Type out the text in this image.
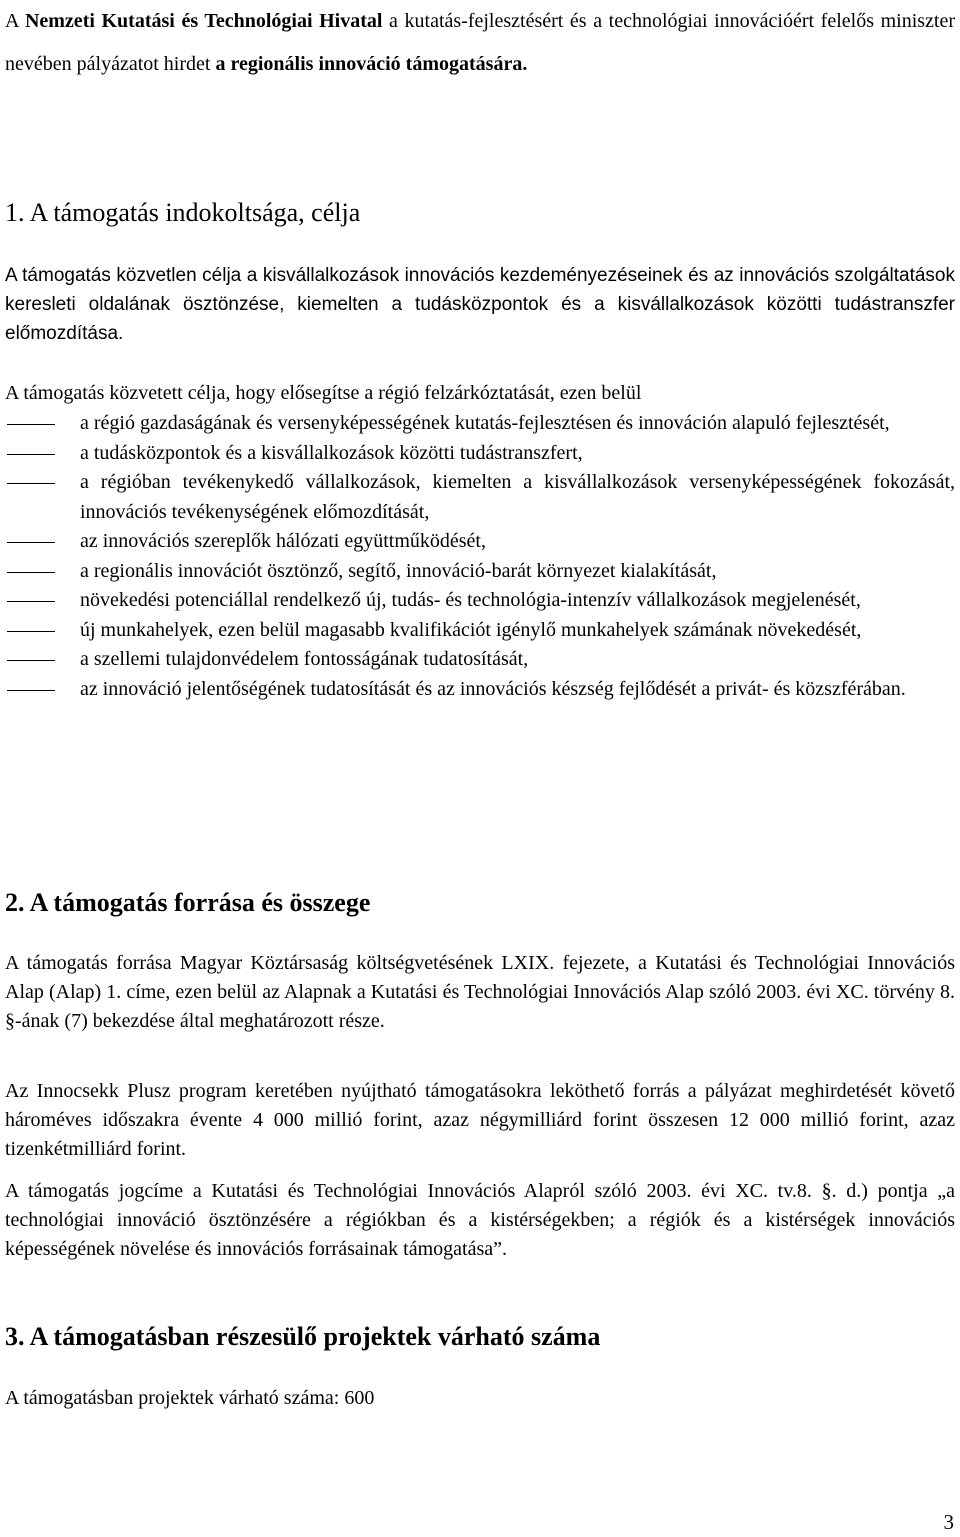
A Nemzeti Kutatási és Technológiai Hivatal a kutatás-fejlesztésért és a technológiai innovációért felelős miniszter nevében pályázatot hirdet a regionális innováció támogatására.

1. A támogatás indokoltsága, célja

A támogatás közvetlen célja a kisvállalkozások innovációs kezdeményezéseinek és az innovációs szolgáltatások keresleti oldalának ösztönzése, kiemelten a tudásközpontok és a kisvállalkozások közötti tudástranszfer előmozdítása.

A támogatás közvetett célja, hogy elősegítse a régió felzárkóztatását, ezen belül

a régió gazdaságának és versenyképességének kutatás-fejlesztésen és innováción alapuló fejlesztését,
a tudásközpontok és a kisvállalkozások közötti tudástranszfert,
a régióban tevékenykedő vállalkozások, kiemelten a kisvállalkozások versenyképességének fokozását, innovációs tevékenységének előmozdítását,
az innovációs szereplők hálózati együttműködését,
a regionális innovációt ösztönző, segítő, innováció-barát környezet kialakítását,
növekedési potenciállal rendelkező új, tudás- és technológia-intenzív vállalkozások megjelenését,
új munkahelyek, ezen belül magasabb kvalifikációt igénylő munkahelyek számának növekedését,
a szellemi tulajdonvédelem fontosságának tudatosítását,
az innováció jelentőségének tudatosítását és az innovációs készség fejlődését a privát- és közszférában.
2. A támogatás forrása és összege

A támogatás forrása Magyar Köztársaság költségvetésének LXIX. fejezete, a Kutatási és Technológiai Innovációs Alap (Alap) 1. címe, ezen belül az Alapnak a Kutatási és Technológiai Innovációs Alap szóló 2003. évi XC. törvény 8. §-ának (7) bekezdése által meghatározott része.

Az Innocsekk Plusz program keretében nyújtható támogatásokra leköthető forrás a pályázat meghirdetését követő hároméves időszakra évente 4 000 millió forint, azaz négymilliárd forint összesen 12 000 millió forint, azaz tizenkétmilliárd forint.

A támogatás jogcíme a Kutatási és Technológiai Innovációs Alapról szóló 2003. évi XC. tv.8. §. d.) pontja „a technológiai innováció ösztönzésére a régiókban és a kistérségekben; a régiók és a kistérségek innovációs képességének növelése és innovációs forrásainak támogatása”.

3. A támogatásban részesülő projektek várható száma

A támogatásban projektek várható száma: 600

3
